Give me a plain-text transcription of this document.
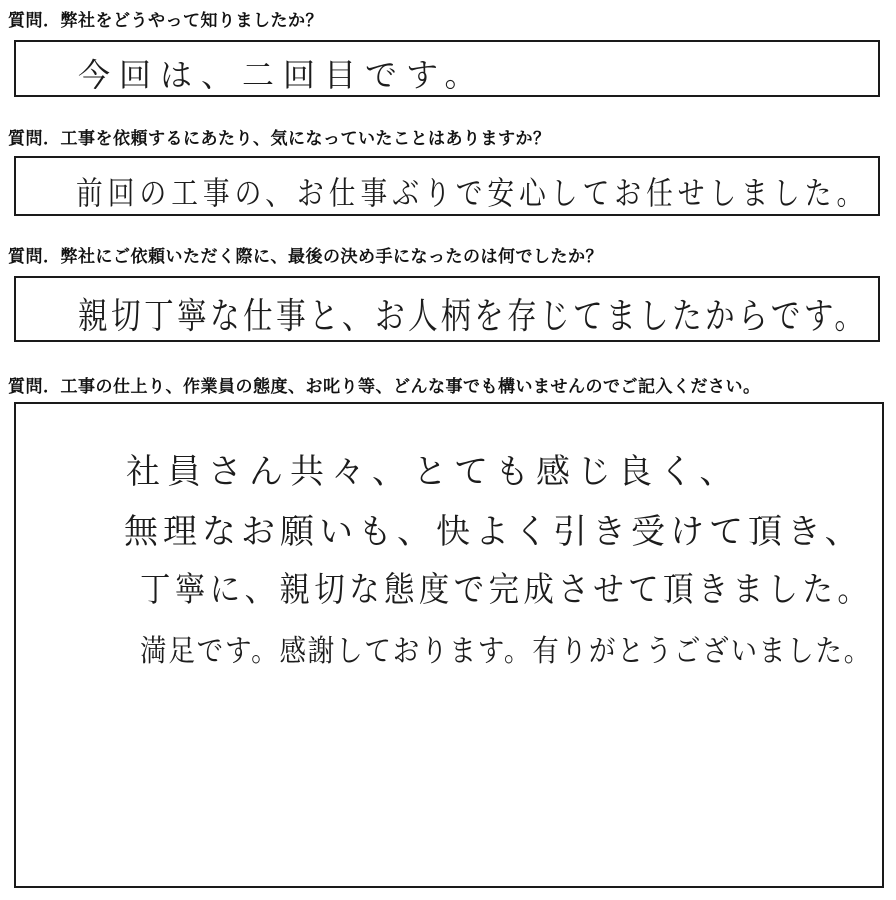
質問．弊社をどうやって知りましたか？
今回は、二回目です。
質問．工事を依頼するにあたり、気になっていたことはありますか？
前回の工事の、お仕事ぶりで安心してお任せしました。
質問．弊社にご依頼いただく際に、最後の決め手になったのは何でしたか？
親切丁寧な仕事と、お人柄を存じてましたからです。
質問．工事の仕上り、作業員の態度、お叱り等、どんな事でも構いませんのでご記入ください。
社員さん共々、とても感じ良く、
無理なお願いも、快よく引き受けて頂き、
丁寧に、親切な態度で完成させて頂きました。
満足です。感謝しております。有りがとうございました。
